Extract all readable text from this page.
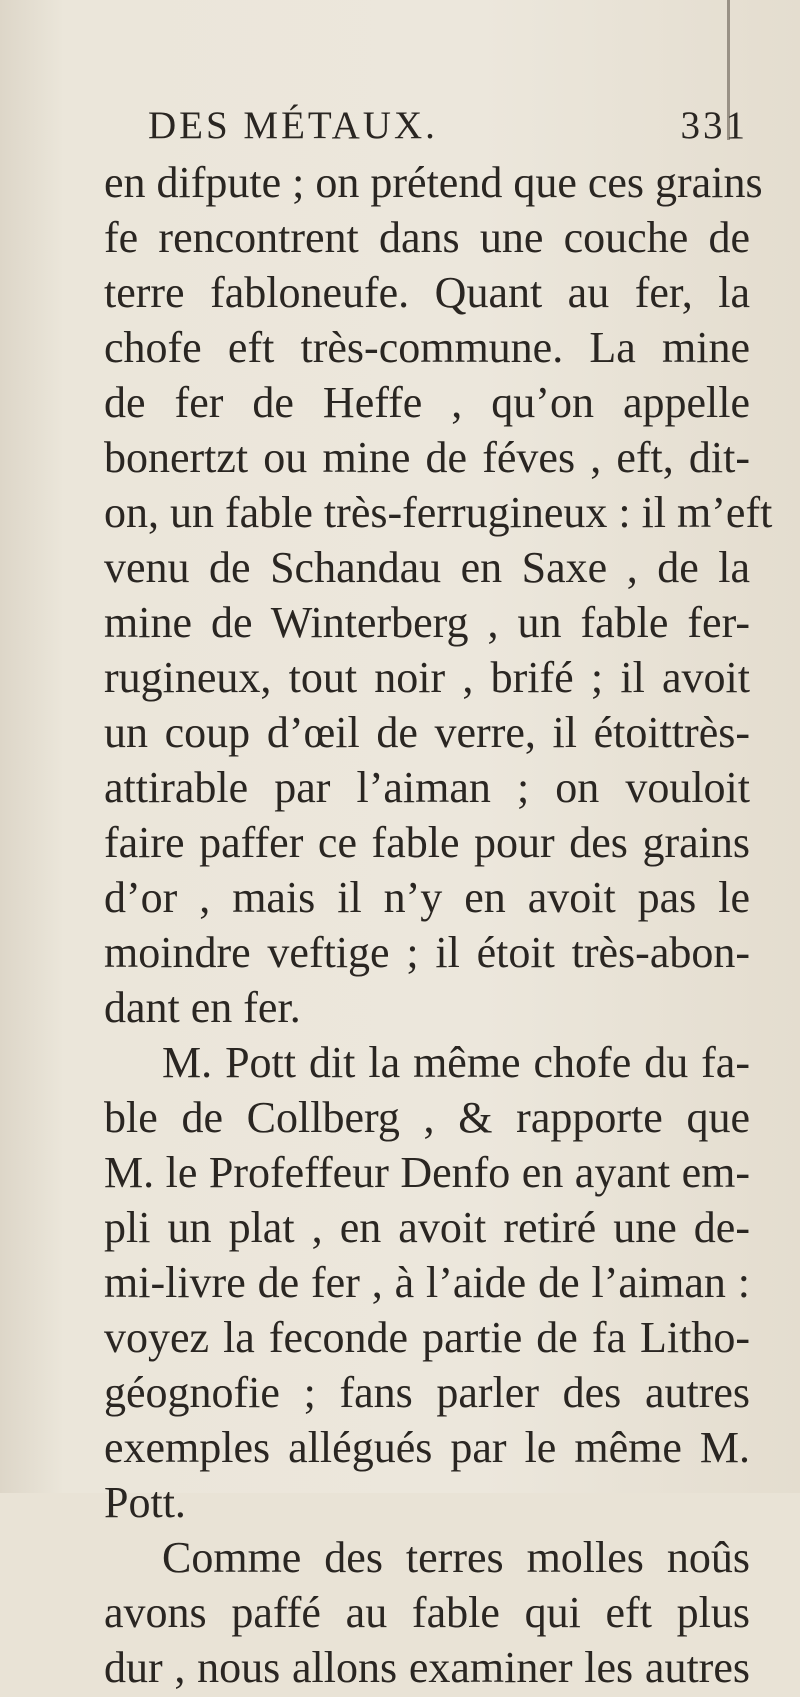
DES MÉTAUX.	331
en difpute ; on prétend que ces grains
fe rencontrent dans une couche de
terre fabloneufe. Quant au fer, la
chofe eft très-commune. La mine
de fer de Heffe , qu’on appelle
bonertzt ou mine de féves , eft, dit-
on, un fable très-ferrugineux : il m’eft
venu de Schandau en Saxe , de la
mine de Winterberg , un fable fer-
rugineux, tout noir , brifé ; il avoit
un coup d’œil de verre, il étoittrès-
attirable par l’aiman ; on vouloit
faire paffer ce fable pour des grains
d’or , mais il n’y en avoit pas le
moindre veftige ; il étoit très-abon-
dant en fer.
M. Pott dit la même chofe du fa-
ble de Collberg , & rapporte que
M. le Profeffeur Denfo en ayant em-
pli un plat , en avoit retiré une de-
mi-livre de fer , à l’aide de l’aiman :
voyez la feconde partie de fa Litho-
géognofie ; fans parler des autres
exemples allégués par le même M.
Pott.
Comme des terres molles noûs
avons paffé au fable qui eft plus
dur , nous allons examiner les autres
